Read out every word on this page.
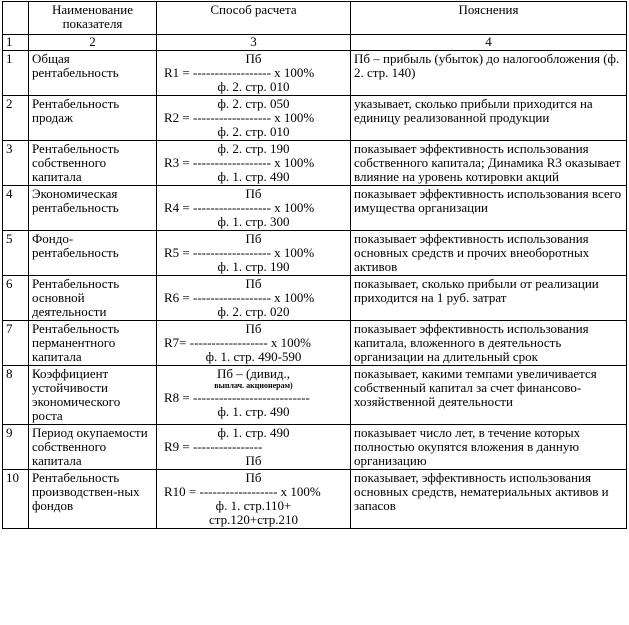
	Наименование показателя	Способ расчета	Пояснения
1	2	3	4
1	Общая рентабельность	Пб
R1 = ------------------ x 100%
ф. 2. стр. 010	Пб – прибыль (убыток) до налогообложения (ф. 2. стр. 140)
2	Рентабельность продаж	ф. 2. стр. 050
R2 = ------------------ x 100%
ф. 2. стр. 010	указывает, сколько прибыли приходится на единицу реализованной продукции
3	Рентабельность собственного капитала	ф. 2. стр. 190
R3 = ------------------ x 100%
ф. 1. стр. 490	показывает эффективность использования собственного капитала; Динамика R3 оказывает влияние на уровень котировки акций
4	Экономическая рентабельность	Пб
R4 = ------------------ x 100%
ф. 1. стр. 300	показывает эффективность использования всего имущества организации
5	Фондо-рентабельность	Пб
R5 = ------------------ x 100%
ф. 1. стр. 190	показывает эффективность использования основных средств и прочих внеоборотных активов
6	Рентабельность основной деятельности	Пб
R6 = ------------------ x 100%
ф. 2. стр. 020	показывает, сколько прибыли от реализации приходится на 1 руб. затрат
7	Рентабельность перманентного капитала	Пб
R7= ------------------ x 100%
ф. 1. стр. 490-590	показывает эффективность использования капитала, вложенного в деятельность организации на длительный срок
8	Коэффициент устойчивости экономического роста	Пб – (дивид.,
выплач. акционерам)
R8 = ---------------------------
ф. 1. стр. 490	показывает, какими темпами увеличивается собственный капитал за счет финансово-хозяйственной деятельности
9	Период окупаемости собственного капитала	ф. 1. стр. 490
R9 = ----------------
Пб	показывает число лет, в течение которых полностью окупятся вложения в данную организацию
10	Рентабельность производствен-ных фондов	Пб
R10 = ------------------ x 100%
ф. 1. стр.110+
стр.120+стр.210	показывает, эффективность использования основных средств, нематериальных активов и запасов
